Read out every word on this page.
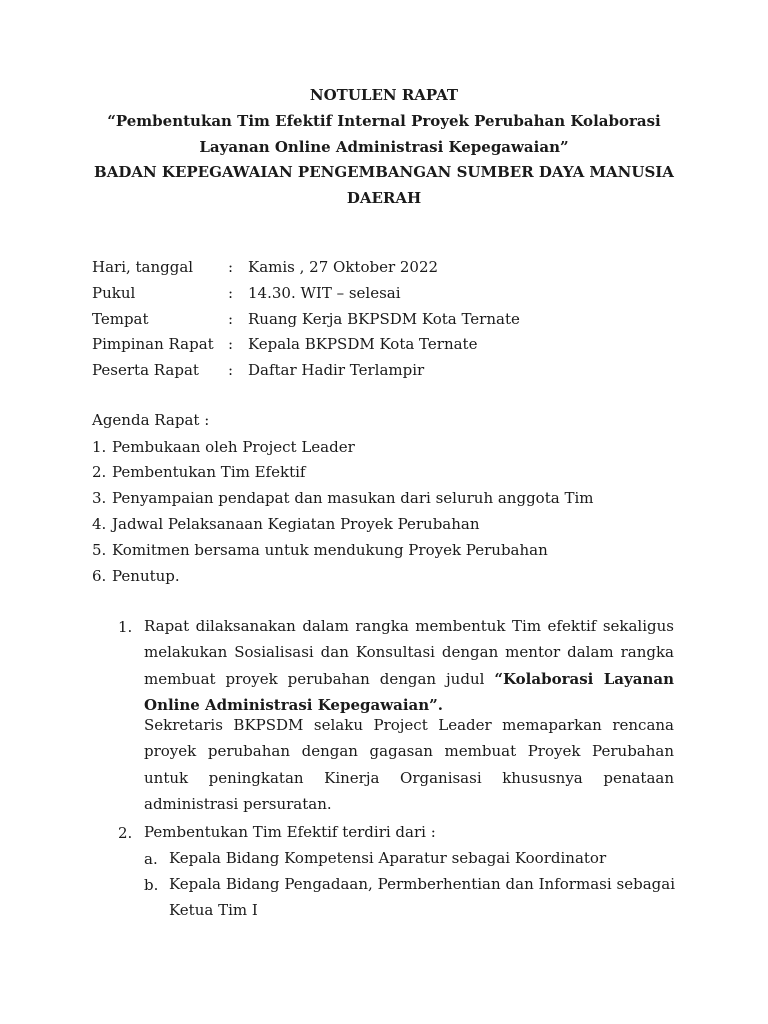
NOTULEN RAPAT
“Pembentukan Tim Efektif Internal Proyek Perubahan Kolaborasi
Layanan Online Administrasi Kepegawaian”
BADAN KEPEGAWAIAN PENGEMBANGAN SUMBER DAYA MANUSIA
DAERAH
Hari, tanggal	: Kamis , 27 Oktober 2022
Pukul	: 14.30. WIT – selesai
Tempat	: Ruang Kerja BKPSDM Kota Ternate
Pimpinan Rapat : Kepala BKPSDM Kota Ternate
Peserta Rapat	: Daftar Hadir Terlampir
Agenda Rapat :
1. Pembukaan oleh Project Leader
2. Pembentukan Tim Efektif
3. Penyampaian pendapat dan masukan dari seluruh anggota Tim
4. Jadwal Pelaksanaan Kegiatan Proyek Perubahan
5. Komitmen bersama untuk mendukung Proyek Perubahan
6. Penutup.
1. Rapat dilaksanakan dalam rangka membentuk Tim efektif sekaligus melakukan Sosialisasi dan Konsultasi dengan mentor dalam rangka membuat proyek perubahan dengan judul “Kolaborasi Layanan Online Administrasi Kepegawaian”.
Sekretaris BKPSDM selaku Project Leader memaparkan rencana proyek perubahan dengan gagasan membuat Proyek Perubahan untuk peningkatan Kinerja Organisasi khususnya penataan administrasi persuratan.
2. Pembentukan Tim Efektif terdiri dari :
a. Kepala Bidang Kompetensi Aparatur sebagai Koordinator
b. Kepala Bidang Pengadaan, Permberhentian dan Informasi sebagai Ketua Tim I
